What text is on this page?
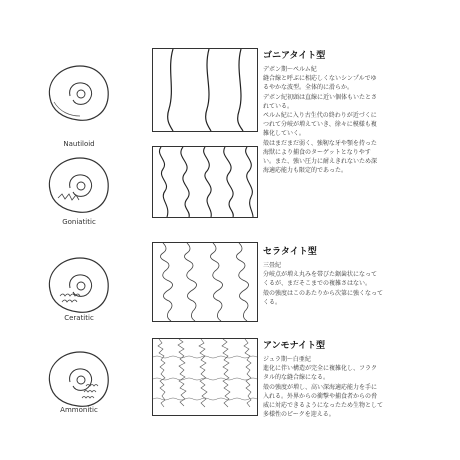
Nautiloid
ゴニアタイト型
デボン期〜ペルム紀
縫合線と呼ぶに相応しくないシンプルでゆ
るやかな波型。全体的に滑らか。
デボン紀初頭は直線に近い個体もいたとさ
れている。
ペルム紀に入り古生代の終わりが近づくに
つれて分岐が増えていき、徐々に模様も複
雑化していく。
殻はまだまだ弱く、強靭な牙や顎を持った
海獣により捕食のターゲットとなりやす
い。また、強い圧力に耐えきれないため深
海適応能力も限定的であった。
Goniatitic
Ceratitic
セラタイト型
三畳紀
分岐点が増え丸みを帯びた鋸歯状になって
くるが、まだそこまでの複雑さはない。
殻の強度はこのあたりから次第に強くなって
くる。
Ammonitic
アンモナイト型
ジュラ期〜白亜紀
進化に伴い構造が完全に複雑化し、フラク
タル的な縫合線になる。
殻の強度が増し、高い深海適応能力を手に
入れる。外界からの衝撃や捕食者からの脅
威に対応できるようになったため生物として
多様性のピークを迎える。
